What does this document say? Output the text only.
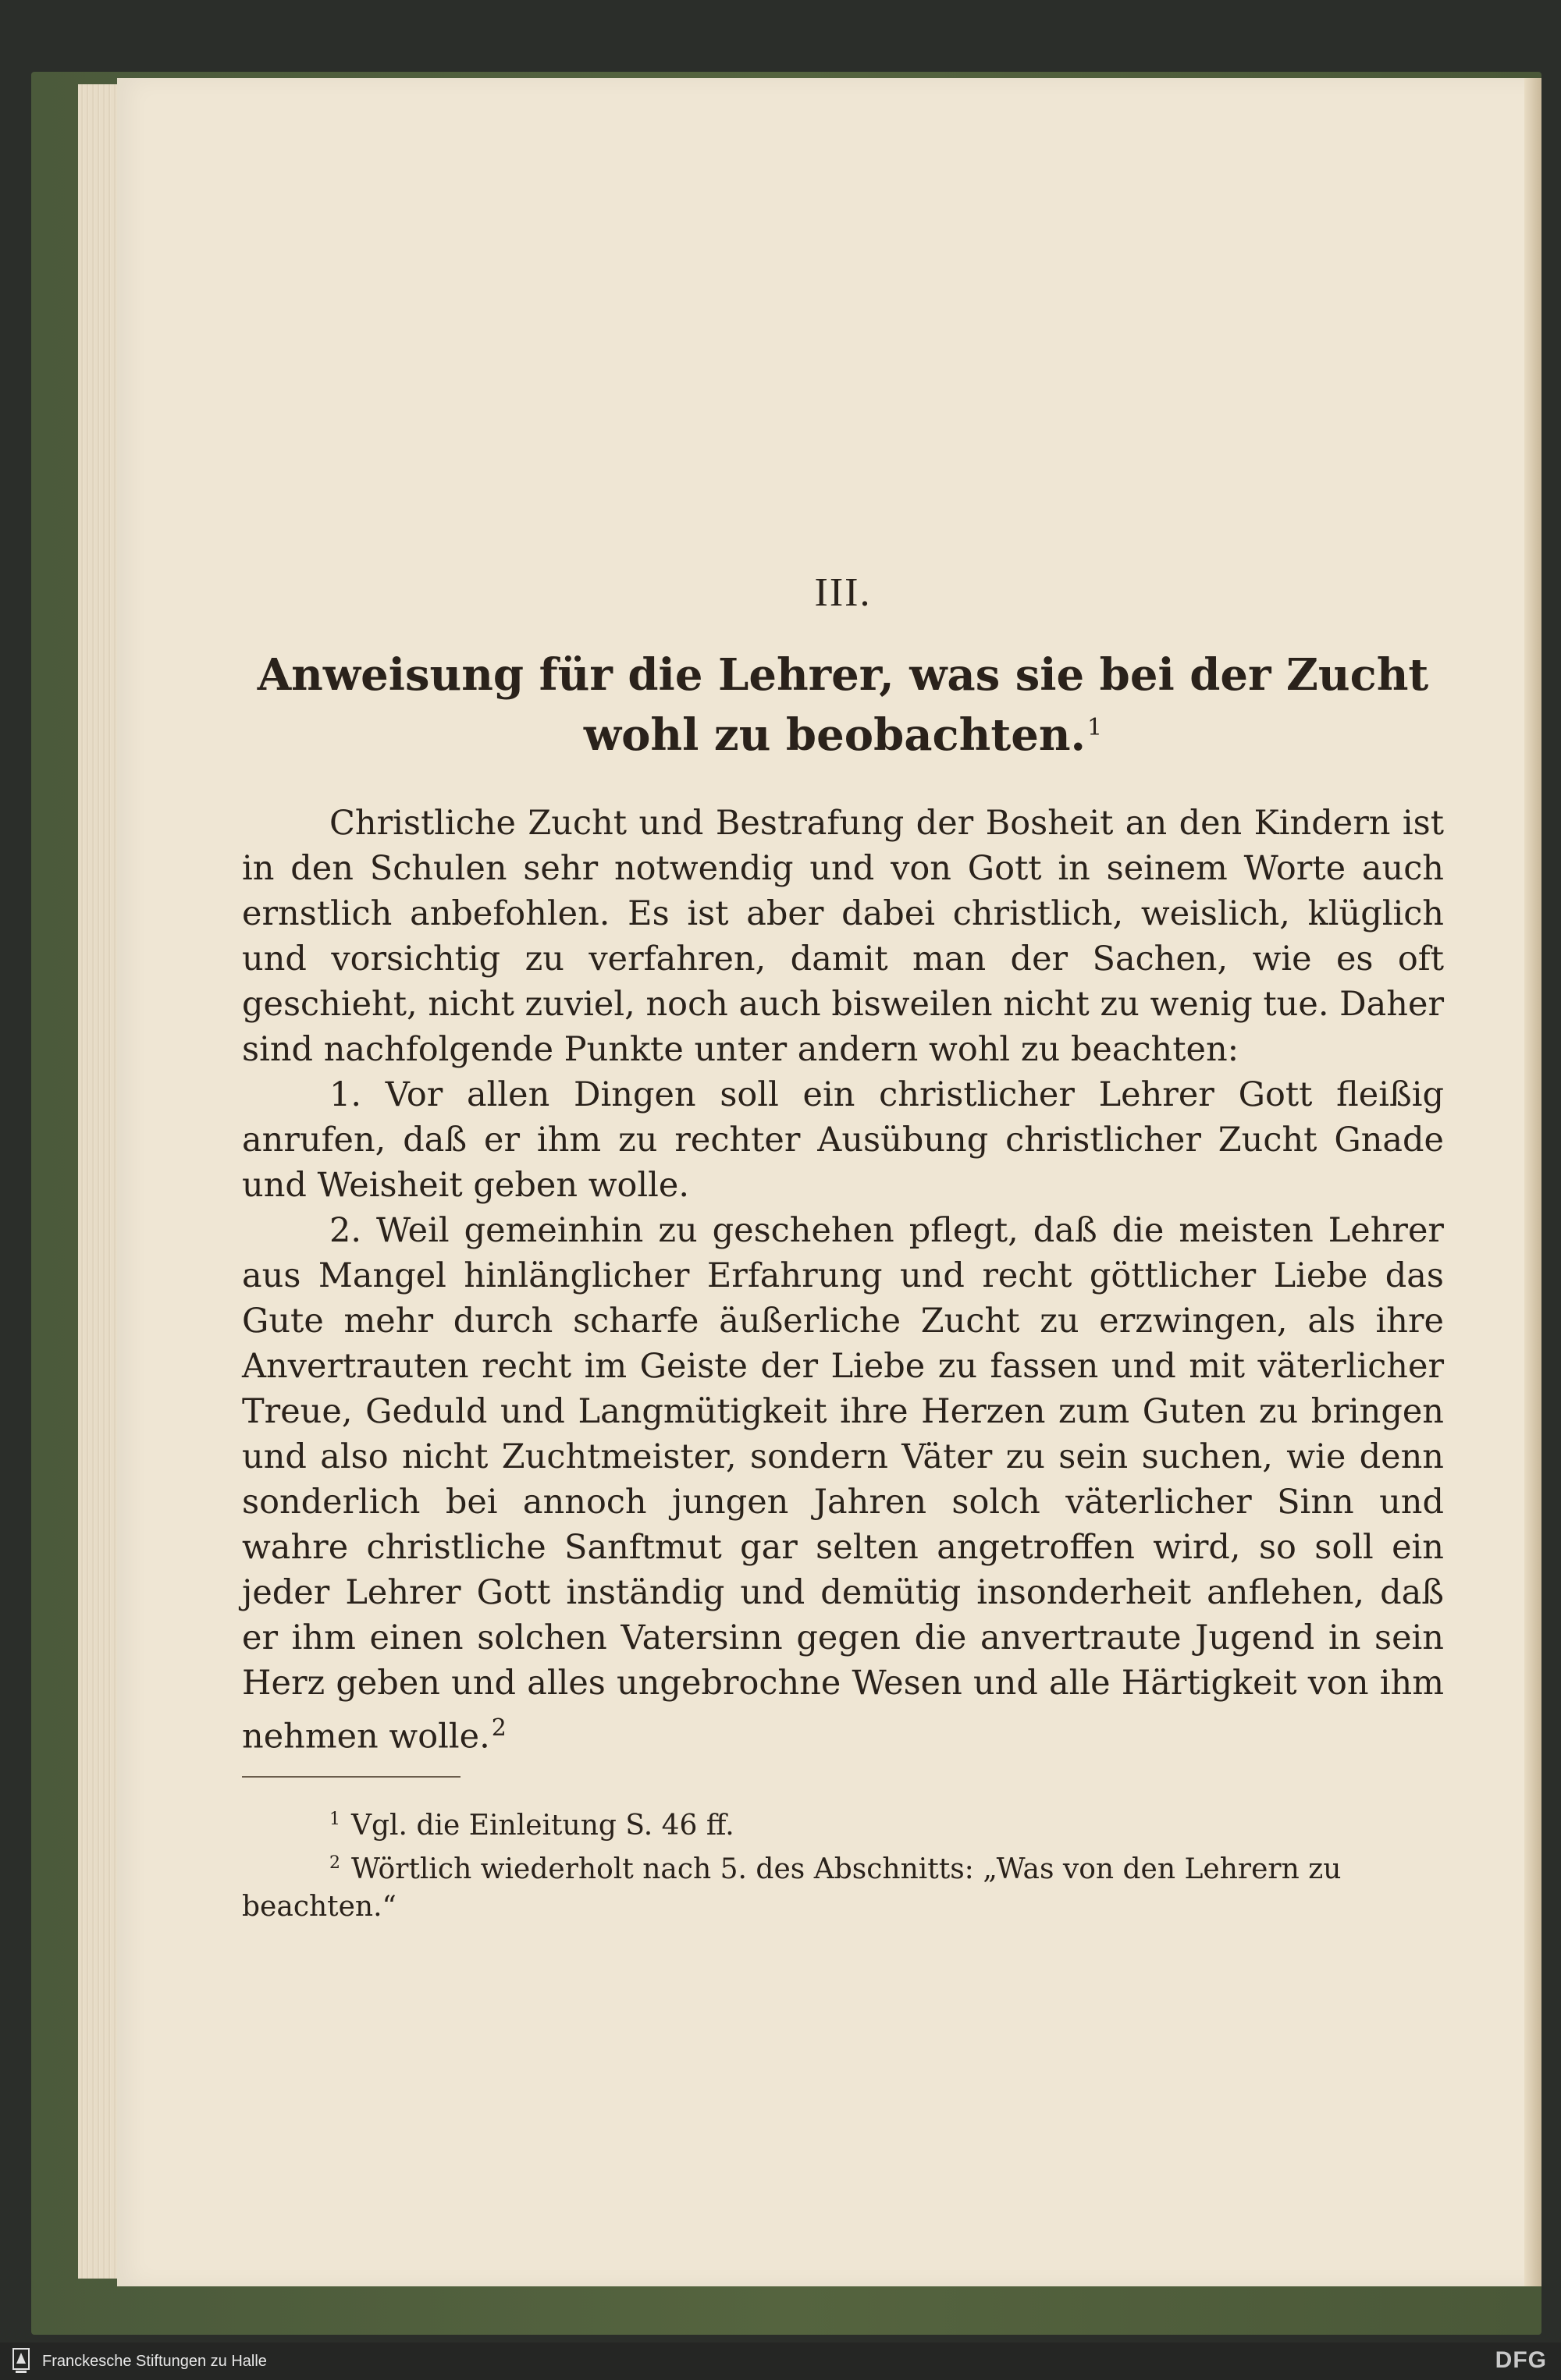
III.
Anweisung für die Lehrer, was sie bei der Zucht
wohl zu beobachten.$^1$

Christliche Zucht und Bestrafung der Bosheit an den Kindern ist in den Schulen sehr notwendig und von Gott in seinem Worte auch ernstlich anbefohlen. Es ist aber dabei christlich, weislich, klüglich und vorsichtig zu verfahren, damit man der Sachen, wie es oft geschieht, nicht zuviel, noch auch bisweilen nicht zu wenig tue. Daher sind nachfolgende Punkte unter andern wohl zu beachten:

1. Vor allen Dingen soll ein christlicher Lehrer Gott fleißig anrufen, daß er ihm zu rechter Ausübung christlicher Zucht Gnade und Weisheit geben wolle.

2. Weil gemeinhin zu geschehen pflegt, daß die meisten Lehrer aus Mangel hinlänglicher Erfahrung und recht göttlicher Liebe das Gute mehr durch scharfe äußerliche Zucht zu erzwingen, als ihre Anvertrauten recht im Geiste der Liebe zu fassen und mit väterlicher Treue, Geduld und Langmütigkeit ihre Herzen zum Guten zu bringen und also nicht Zuchtmeister, sondern Väter zu sein suchen, wie denn sonderlich bei annoch jungen Jahren solch väterlicher Sinn und wahre christliche Sanftmut gar selten angetroffen wird, so soll ein jeder Lehrer Gott inständig und demütig insonderheit anflehen, daß er ihm einen solchen Vatersinn gegen die anvertraute Jugend in sein Herz geben und alles ungebrochne Wesen und alle Härtigkeit von ihm nehmen wolle.$^2$

$^1$ Vgl. die Einleitung S. 46 ff.

$^2$ Wörtlich wiederholt nach 5. des Abschnitts: „Was von den Lehrern zu beachten.“

Franckesche Stiftungen zu Halle	DFG
